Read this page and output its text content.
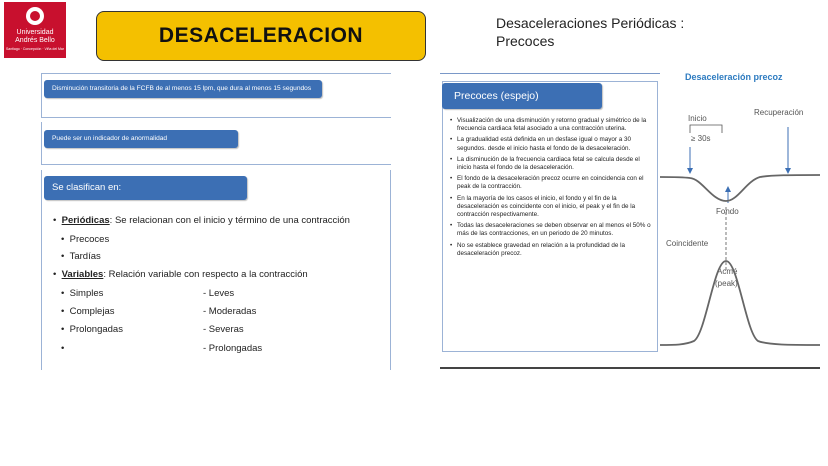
Universidad
Andrés Bello
Santiago · Concepción · Viña del Mar
DESACELERACION
Desaceleraciones Periódicas :
Precoces
Disminución transitoria de la FCFB de al menos 15 lpm, que dura al menos 15 segundos
Puede ser un indicador de anormalidad
Se clasifican en:
•  Periódicas: Se relacionan con el inicio y término de una contracción
•  Precoces
•  Tardías
•  Variables: Relación variable con respecto a la contracción
•  Simples
•  Complejas
•  Prolongadas
•
- Leves
- Moderadas
- Severas
- Prolongadas
Precoces (espejo)
• Visualización de una disminución y retorno gradual y simétrico de la frecuencia cardiaca fetal asociado a una contracción uterina.
• La gradualidad está definida en un desfase igual o mayor a 30 segundos. desde el inicio hasta el fondo de la desaceleración.
• La disminución de la frecuencia cardiaca fetal se calcula desde el inicio hasta el fondo de la desaceleración.
• El fondo de la desaceleración precoz ocurre en coincidencia con el peak de la contracción.
• En la mayoría de los casos el inicio, el fondo y el fin de la desaceleración es coincidente con el inicio, el peak y el fin de la contracción respectivamente.
• Todas las desaceleraciones se deben observar en al menos el 50% o más de las contracciones, en un periodo de 20 minutos.
• No se establece gravedad en relación a la profundidad de la desaceleración precoz.
Desaceleración precoz
Inicio
≥ 30s
Recuperación
Fondo
Coincidente
Acmé
(peak)
